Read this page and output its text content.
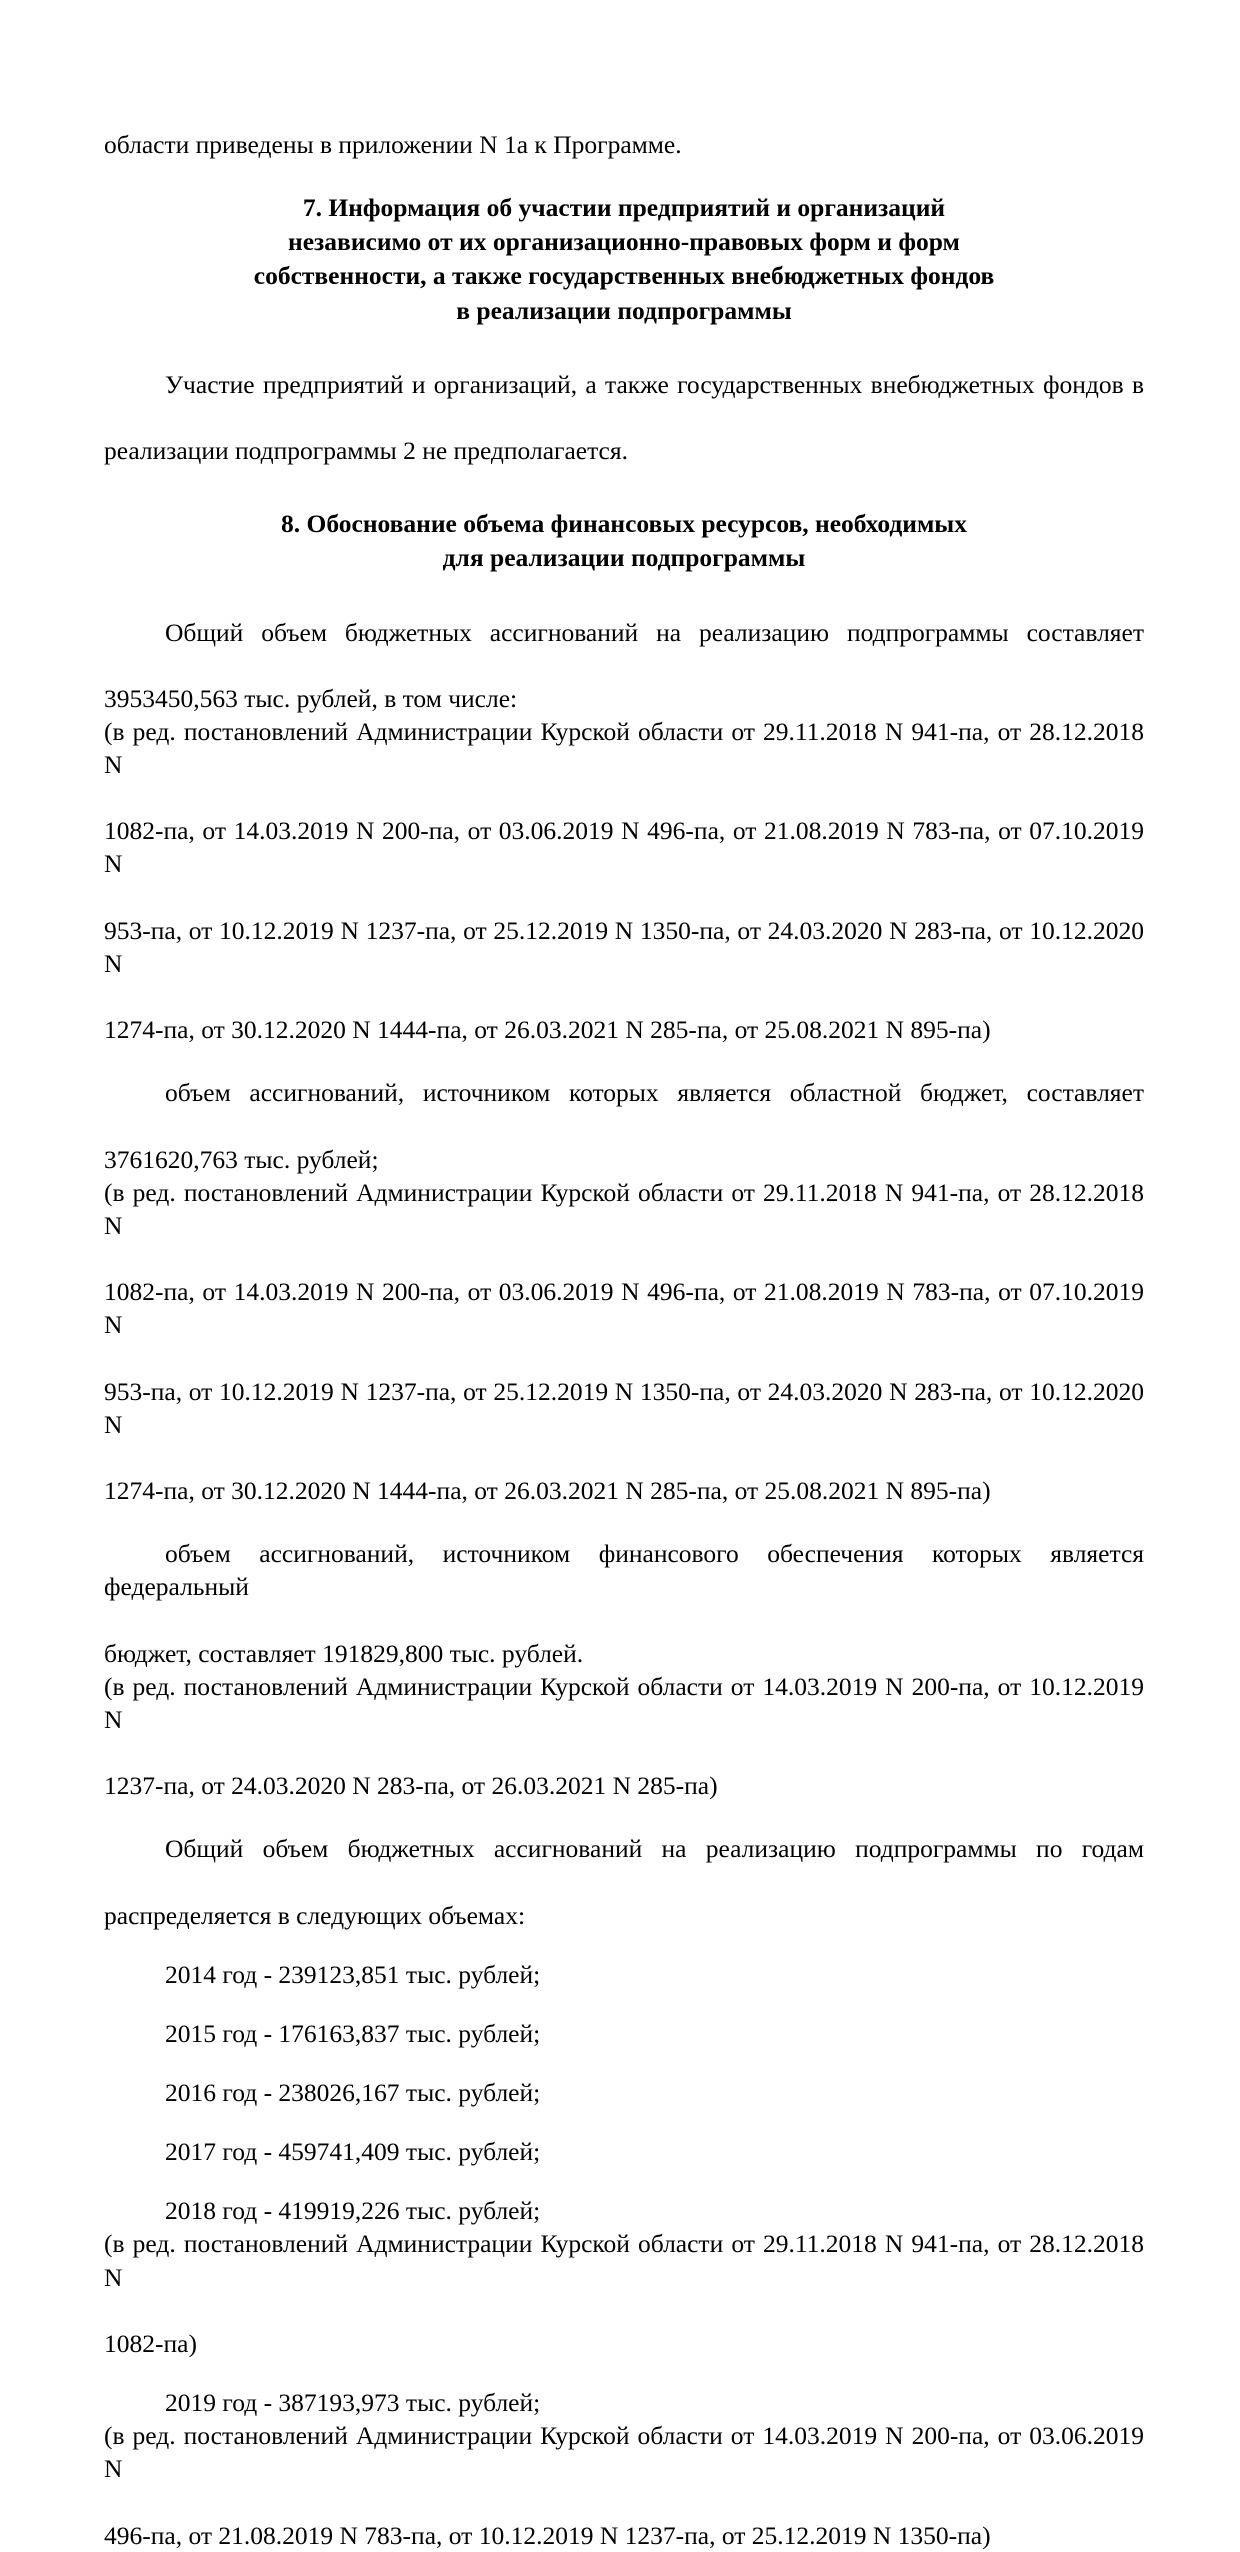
области приведены в приложении N 1а к Программе.

7. Информация об участии предприятий и организаций

независимо от их организационно-правовых форм и форм

собственности, а также государственных внебюджетных фондов

в реализации подпрограммы

Участие предприятий и организаций, а также государственных внебюджетных фондов в

реализации подпрограммы 2 не предполагается.

8. Обоснование объема финансовых ресурсов, необходимых

для реализации подпрограммы

Общий объем бюджетных ассигнований на реализацию подпрограммы составляет

3953450,563 тыс. рублей, в том числе:

(в ред. постановлений Администрации Курской области от 29.11.2018 N 941-па, от 28.12.2018 N

1082-па, от 14.03.2019 N 200-па, от 03.06.2019 N 496-па, от 21.08.2019 N 783-па, от 07.10.2019 N

953-па, от 10.12.2019 N 1237-па, от 25.12.2019 N 1350-па, от 24.03.2020 N 283-па, от 10.12.2020 N

1274-па, от 30.12.2020 N 1444-па, от 26.03.2021 N 285-па, от 25.08.2021 N 895-па)

объем ассигнований, источником которых является областной бюджет, составляет

3761620,763 тыс. рублей;

(в ред. постановлений Администрации Курской области от 29.11.2018 N 941-па, от 28.12.2018 N

1082-па, от 14.03.2019 N 200-па, от 03.06.2019 N 496-па, от 21.08.2019 N 783-па, от 07.10.2019 N

953-па, от 10.12.2019 N 1237-па, от 25.12.2019 N 1350-па, от 24.03.2020 N 283-па, от 10.12.2020 N

1274-па, от 30.12.2020 N 1444-па, от 26.03.2021 N 285-па, от 25.08.2021 N 895-па)

объем ассигнований, источником финансового обеспечения которых является федеральный

бюджет, составляет 191829,800 тыс. рублей.

(в ред. постановлений Администрации Курской области от 14.03.2019 N 200-па, от 10.12.2019 N

1237-па, от 24.03.2020 N 283-па, от 26.03.2021 N 285-па)

Общий объем бюджетных ассигнований на реализацию подпрограммы по годам

распределяется в следующих объемах:

2014 год - 239123,851 тыс. рублей;

2015 год - 176163,837 тыс. рублей;

2016 год - 238026,167 тыс. рублей;

2017 год - 459741,409 тыс. рублей;

2018 год - 419919,226 тыс. рублей;

(в ред. постановлений Администрации Курской области от 29.11.2018 N 941-па, от 28.12.2018 N

1082-па)

2019 год - 387193,973 тыс. рублей;

(в ред. постановлений Администрации Курской области от 14.03.2019 N 200-па, от 03.06.2019 N

496-па, от 21.08.2019 N 783-па, от 10.12.2019 N 1237-па, от 25.12.2019 N 1350-па)
